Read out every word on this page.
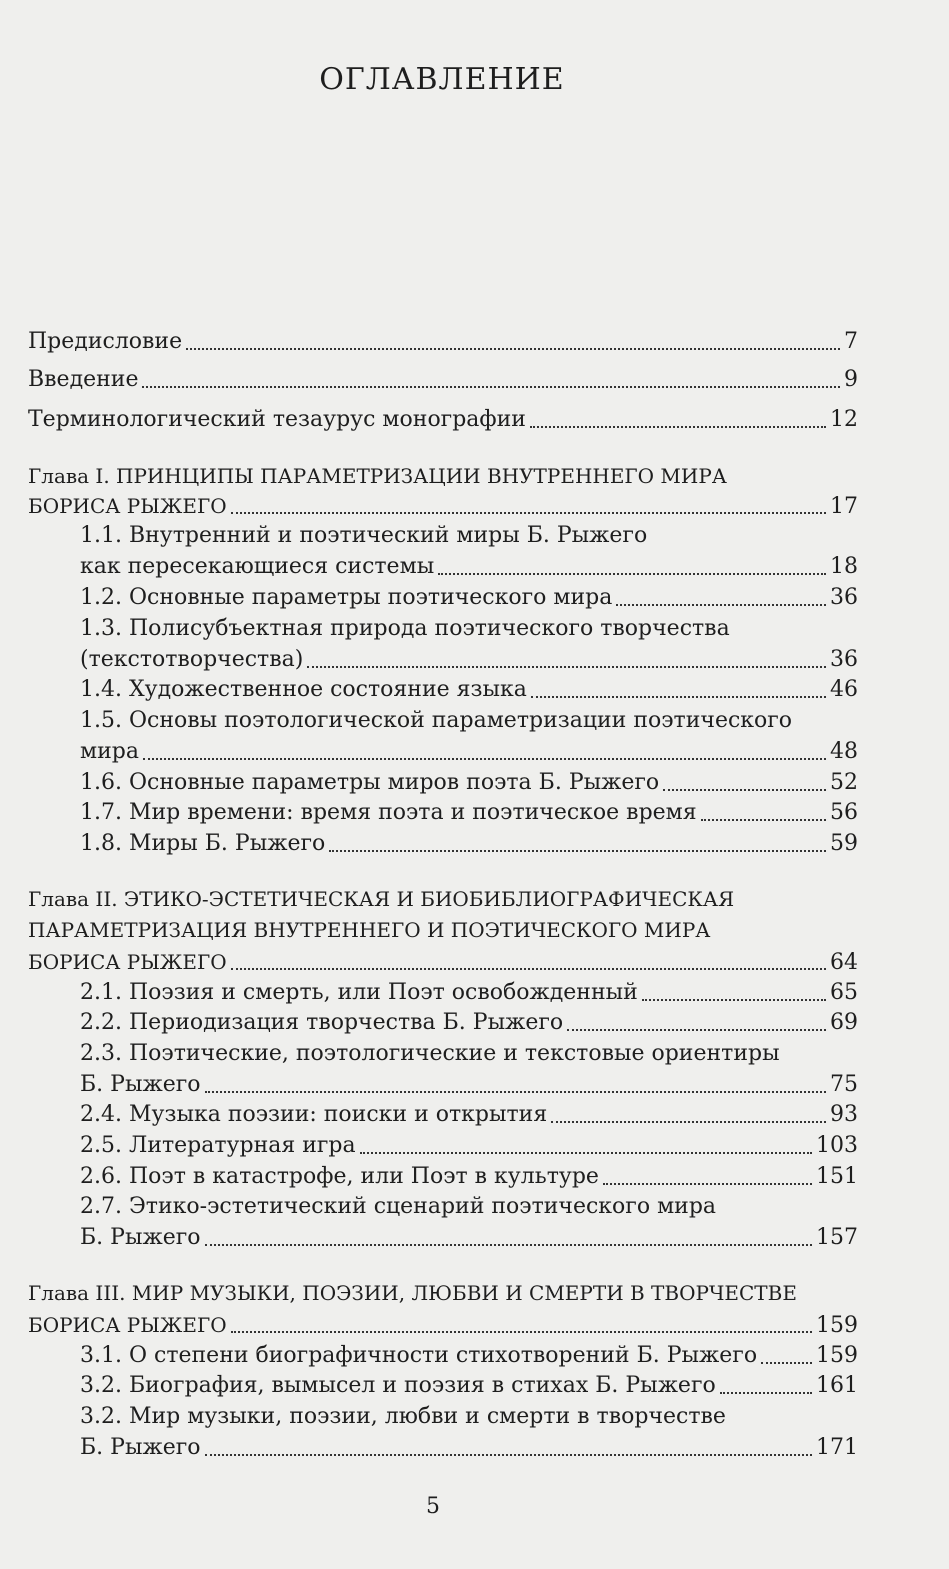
ОГЛАВЛЕНИЕ
Предисловие	7
Введение	9
Терминологический тезаурус монографии	12
Глава I. ПРИНЦИПЫ ПАРАМЕТРИЗАЦИИ ВНУТРЕННЕГО МИРА
БОРИСА РЫЖЕГО	17
1.1. Внутренний и поэтический миры Б. Рыжего
как пересекающиеся системы	18
1.2. Основные параметры поэтического мира	36
1.3. Полисубъектная природа поэтического творчества
(текстотворчества)	36
1.4. Художественное состояние языка	46
1.5. Основы поэтологической параметризации поэтического
мира	48
1.6. Основные параметры миров поэта Б. Рыжего	52
1.7. Мир времени: время поэта и поэтическое время	56
1.8. Миры Б. Рыжего	59
Глава II. ЭТИКО-ЭСТЕТИЧЕСКАЯ И БИОБИБЛИОГРАФИЧЕСКАЯ
ПАРАМЕТРИЗАЦИЯ ВНУТРЕННЕГО И ПОЭТИЧЕСКОГО МИРА
БОРИСА РЫЖЕГО	64
2.1. Поэзия и смерть, или Поэт освобожденный	65
2.2. Периодизация творчества Б. Рыжего	69
2.3. Поэтические, поэтологические и текстовые ориентиры
Б. Рыжего	75
2.4. Музыка поэзии: поиски и открытия	93
2.5. Литературная игра	103
2.6. Поэт в катастрофе, или Поэт в культуре	151
2.7. Этико-эстетический сценарий поэтического мира
Б. Рыжего	157
Глава III. МИР МУЗЫКИ, ПОЭЗИИ, ЛЮБВИ И СМЕРТИ В ТВОРЧЕСТВЕ
БОРИСА РЫЖЕГО	159
3.1. О степени биографичности стихотворений Б. Рыжего	159
3.2. Биография, вымысел и поэзия в стихах Б. Рыжего	161
3.2. Мир музыки, поэзии, любви и смерти в творчестве
Б. Рыжего	171
5
